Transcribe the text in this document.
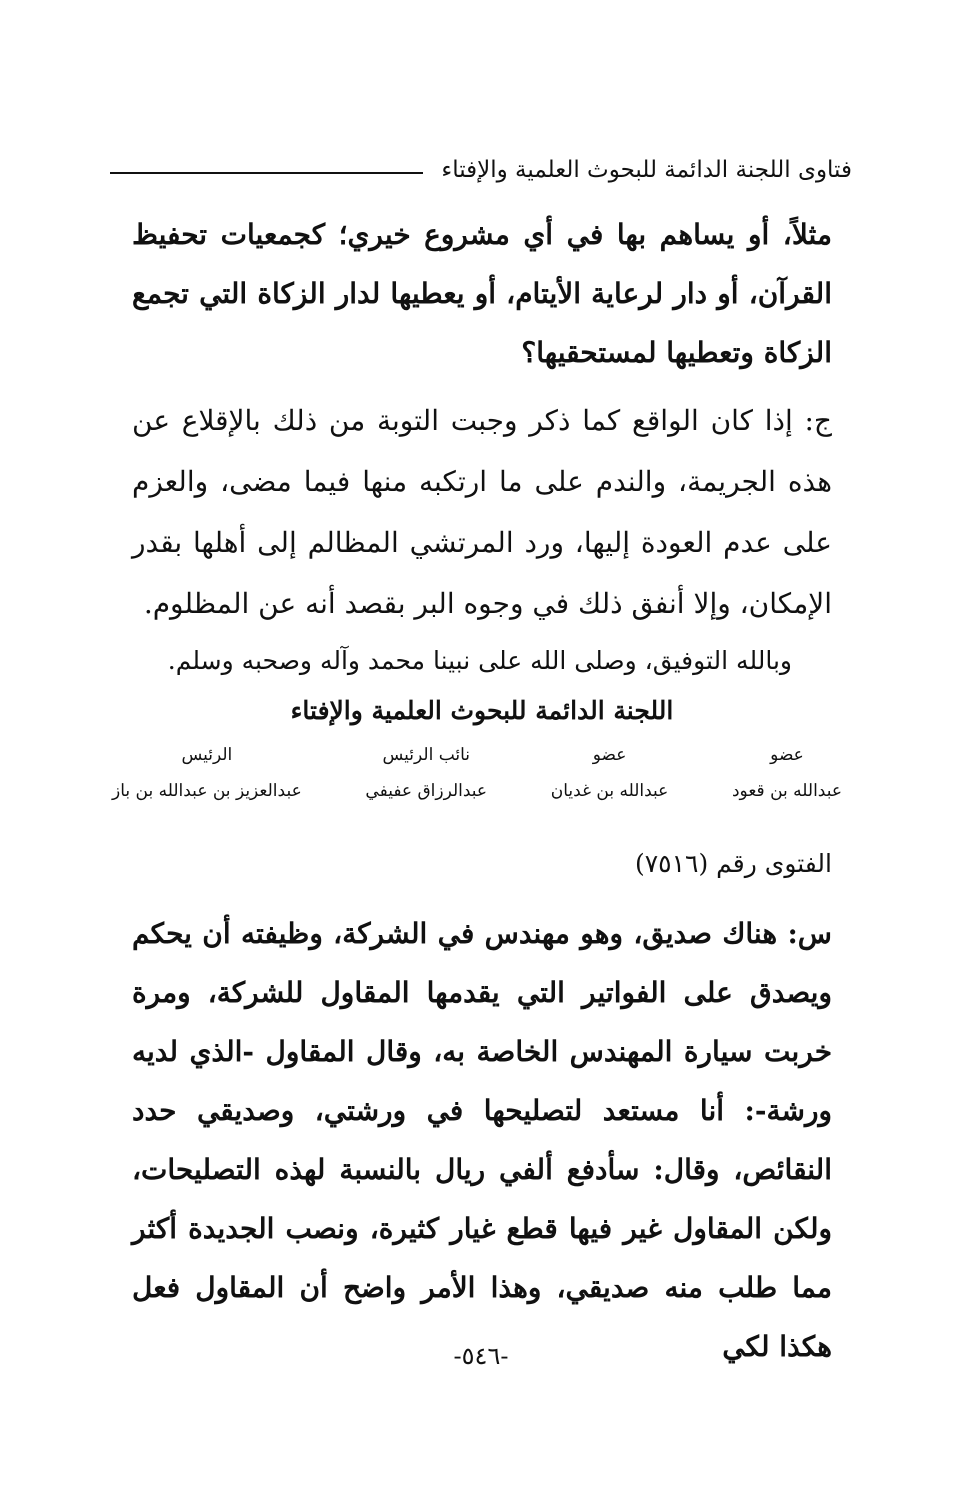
فتاوى اللجنة الدائمة للبحوث العلمية والإفتاء

مثلاً، أو يساهم بها في أي مشروع خيري؛ كجمعيات تحفيظ القرآن، أو دار لرعاية الأيتام، أو يعطيها لدار الزكاة التي تجمع الزكاة وتعطيها لمستحقيها؟

ج: إذا كان الواقع كما ذكر وجبت التوبة من ذلك بالإقلاع عن هذه الجريمة، والندم على ما ارتكبه منها فيما مضى، والعزم على عدم العودة إليها، ورد المرتشي المظالم إلى أهلها بقدر الإمكان، وإلا أنفق ذلك في وجوه البر بقصد أنه عن المظلوم.

وبالله التوفيق، وصلى الله على نبينا محمد وآله وصحبه وسلم.

اللجنة الدائمة للبحوث العلمية والإفتاء
عضو
عبدالله بن قعود
عضو
عبدالله بن غديان
نائب الرئيس
عبدالرزاق عفيفي
الرئيس
عبدالعزيز بن عبدالله بن باز

الفتوى رقم (٧٥١٦)

س: هناك صديق، وهو مهندس في الشركة، وظيفته أن يحكم ويصدق على الفواتير التي يقدمها المقاول للشركة، ومرة خربت سيارة المهندس الخاصة به، وقال المقاول -الذي لديه ورشة-: أنا مستعد لتصليحها في ورشتي، وصديقي حدد النقائص، وقال: سأدفع ألفي ريال بالنسبة لهذه التصليحات، ولكن المقاول غير فيها قطع غيار كثيرة، ونصب الجديدة أكثر مما طلب منه صديقي، وهذا الأمر واضح أن المقاول فعل هكذا لكي

-٥٤٦-
